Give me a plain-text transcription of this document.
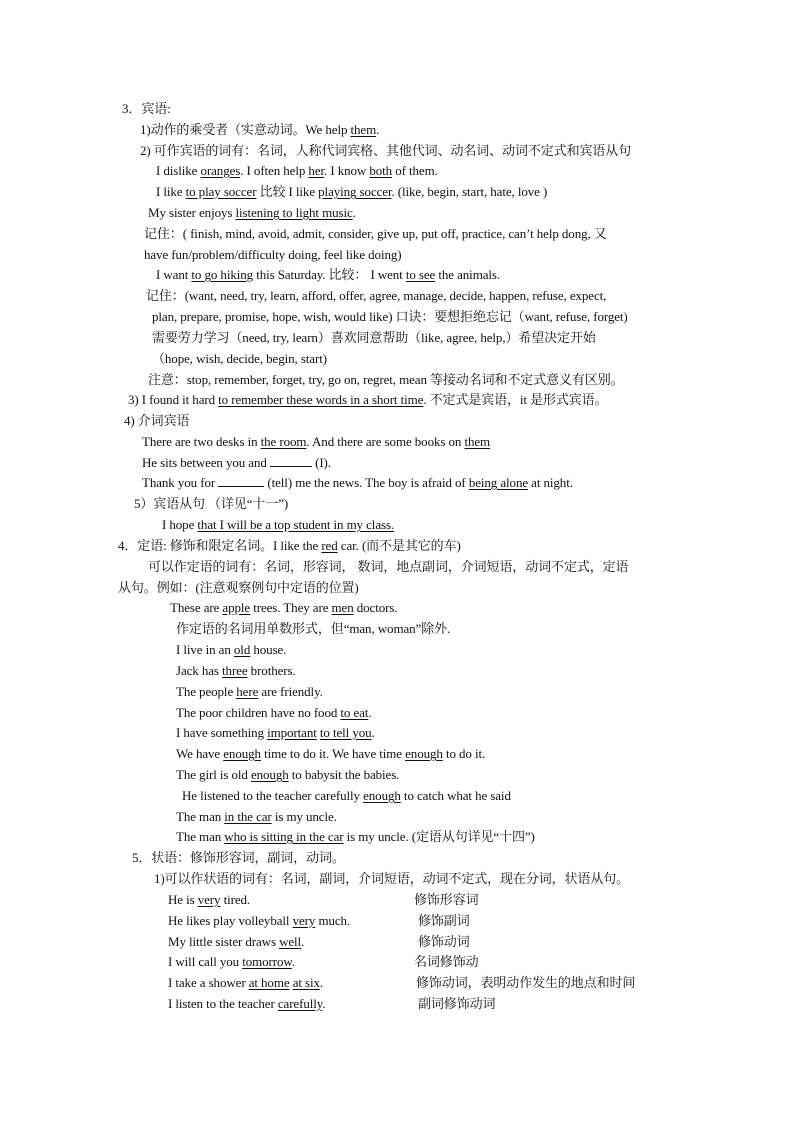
3．宾语:
1)动作的乘受者（实意动词。We help them.
2) 可作宾语的词有：名词，人称代词宾格、其他代词、动名词、动词不定式和宾语从句
I dislike oranges. I often help her. I know both of them.
I like to play soccer 比较 I like playing soccer. (like, begin, start, hate, love )
My sister enjoys listening to light music.
记住：( finish, mind, avoid, admit, consider, give up, put off, practice, can’t help dong, 又
have fun/problem/difficulty doing, feel like doing)
I want to go hiking this Saturday. 比较： I went to see the animals.
记住：(want, need, try, learn, afford, offer, agree, manage, decide, happen, refuse, expect,
plan, prepare, promise, hope, wish, would like) 口诀：要想拒绝忘记（want, refuse, forget)
需要劳力学习（need, try, learn）喜欢同意帮助（like, agree, help,）希望决定开始
（hope, wish, decide, begin, start)
注意：stop, remember, forget, try, go on, regret, mean 等接动名词和不定式意义有区别。
3) I found it hard to remember these words in a short time. 不定式是宾语，it 是形式宾语。
4) 介词宾语
There are two desks in the room. And there are some books on them
He sits between you and	(I).
Thank you for	(tell) me the news. The boy is afraid of being alone at night.
5）宾语从句 （详见“十一”)
I hope that I will be a top student in my class.
4．定语: 修饰和限定名词。I like the red car. (而不是其它的车)
可以作定语的词有：名词，形容词， 数词，地点副词，介词短语，动词不定式，定语
从句。例如：(注意观察例句中定语的位置)
These are apple trees. They are men doctors.
作定语的名词用单数形式，但“man, woman”除外.
I live in an old house.
Jack has three brothers.
The people here are friendly.
The poor children have no food to eat.
I have something important to tell you.
We have enough time to do it. We have time enough to do it.
The girl is old enough to babysit the babies.
He listened to the teacher carefully enough to catch what he said
The man in the car is my uncle.
The man who is sitting in the car is my uncle. (定语从句详见“十四”)
5．状语：修饰形容词，副词，动词。
1)可以作状语的词有：名词，副词，介词短语，动词不定式，现在分词，状语从句。
He is very tired.	修饰形容词
He likes play volleyball very much.	修饰副词
My little sister draws well.	修饰动词
I will call you tomorrow.	名词修饰动
I take a shower at home at six.	修饰动词，表明动作发生的地点和时间
I listen to the teacher carefully.	副词修饰动词
